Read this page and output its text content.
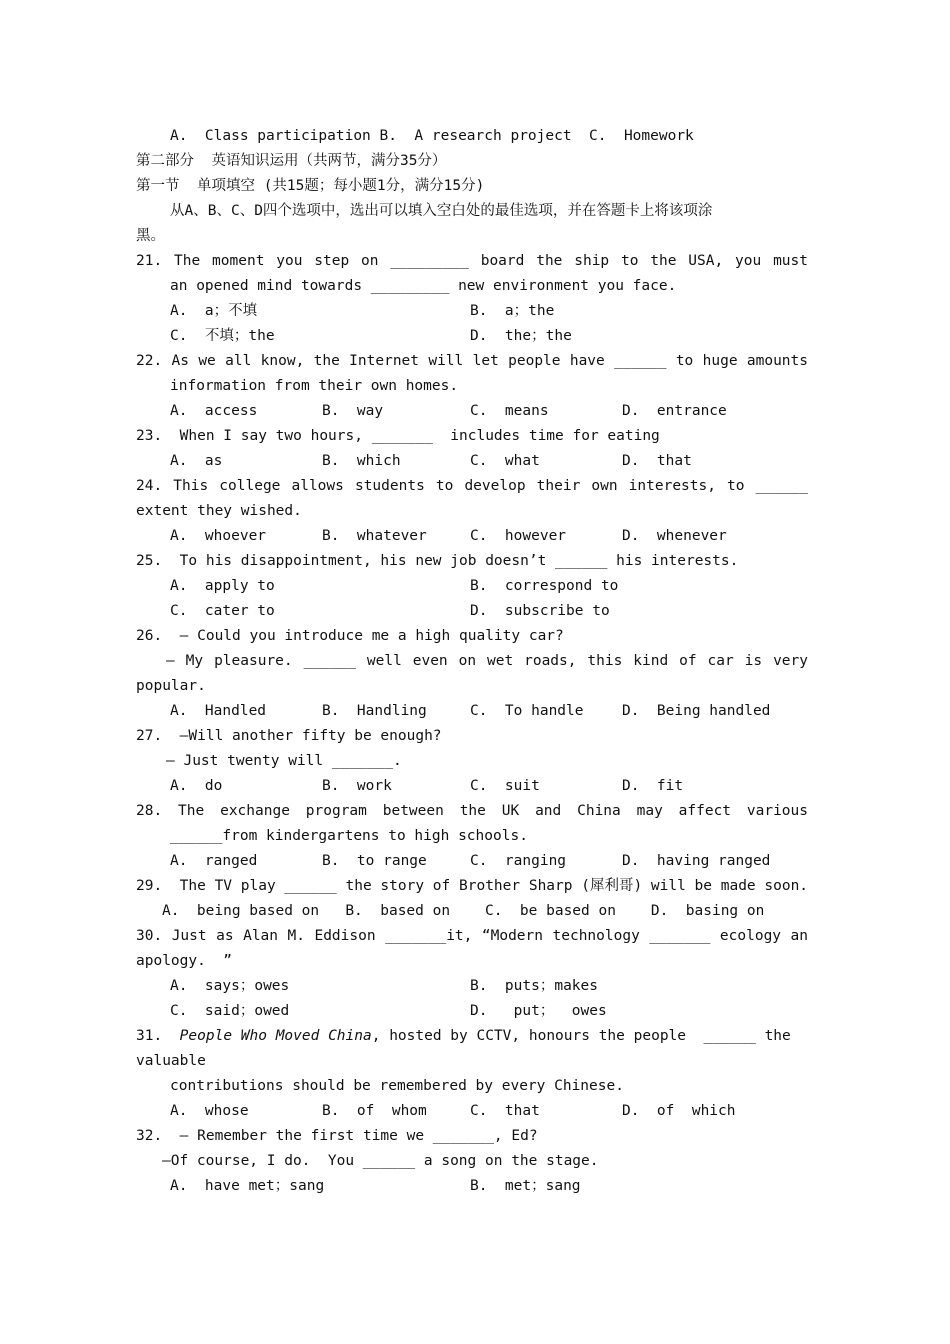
A.  Class participation B.  A research project  C.  Homework
第二部分  英语知识运用（共两节，满分35分）
第一节  单项填空 (共15题；每小题1分，满分15分)
从A、B、C、D四个选项中，选出可以填入空白处的最佳选项，并在答题卡上将该项涂
黑。
21. The moment you step on _________ board the ship to the USA, you must
an opened mind towards _________ new environment you face.
A.  a；不填	B.  a；the
C.  不填；the	D.  the；the
22. As we all know, the Internet will let people have ______ to huge amounts
information from their own homes.
A.  access	B.  way	C.  means	D.  entrance
23.  When I say two hours, _______  includes time for eating
A.  as	B.  which	C.  what	D.  that
24. This college allows students to develop their own interests, to ______
extent they wished.
A.  whoever	B.  whatever	C.  however	D.  whenever
25.  To his disappointment, his new job doesn’t ______ his interests.
A.  apply to	B.  correspond to
C.  cater to	D.  subscribe to
26.  — Could you introduce me a high quality car?
— My pleasure. ______ well even on wet roads, this kind of car is very
popular.
A.  Handled	B.  Handling	C.  To handle	D.  Being handled
27.  —Will another fifty be enough?
— Just twenty will _______.
A.  do	B.  work	C.  suit	D.  fit
28. The exchange program between the UK and China may affect various
______from kindergartens to high schools.
A.  ranged	B.  to range	C.  ranging	D.  having ranged
29.  The TV play ______ the story of Brother Sharp (犀利哥) will be made soon.
A.  being based on   B.  based on    C.  be based on    D.  basing on
30. Just as Alan M. Eddison _______it, “Modern technology _______ ecology an
apology.  ”
A.  says；owes	B.  puts；makes
C.  said；owed	D.   put；  owes
31. People Who Moved China, hosted by CCTV, honours the people  ______ the
valuable
contributions should be remembered by every Chinese.
A.  whose	B.  of  whom	C.  that	D.  of  which
32.  — Remember the first time we _______, Ed?
—Of course, I do.  You ______ a song on the stage.
A.  have met；sang	B.  met；sang
